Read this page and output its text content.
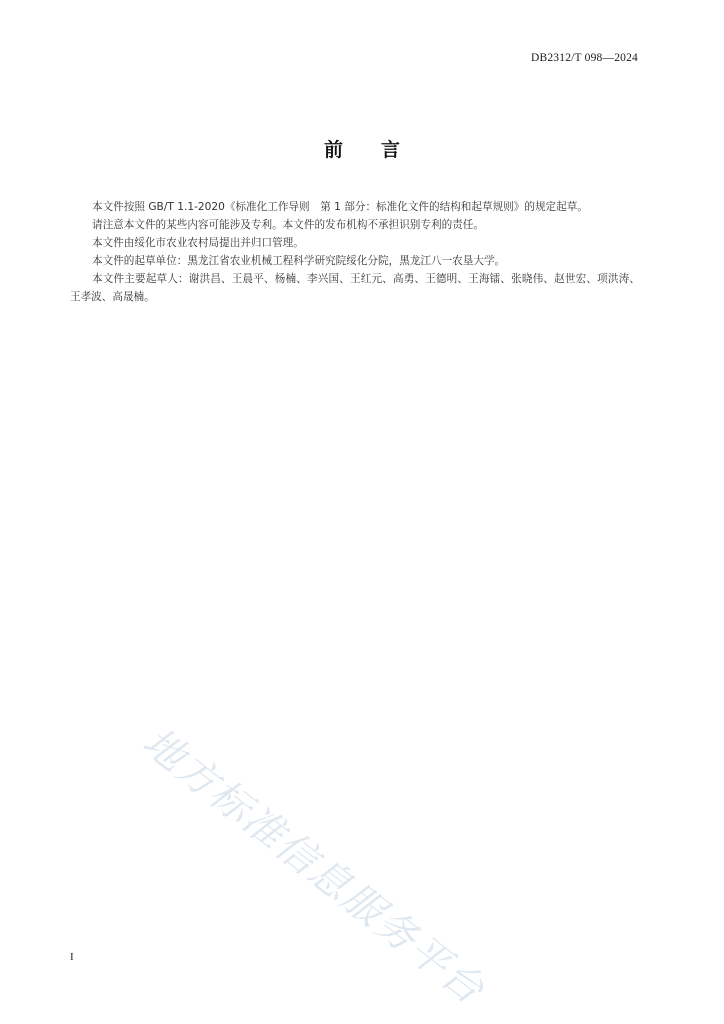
DB2312/T 098—2024
前 言

本文件按照 GB/T 1.1-2020《标准化工作导则　第 1 部分：标准化文件的结构和起草规则》的规定起草。

请注意本文件的某些内容可能涉及专利。本文件的发布机构不承担识别专利的责任。

本文件由绥化市农业农村局提出并归口管理。

本文件的起草单位：黑龙江省农业机械工程科学研究院绥化分院，黑龙江八一农垦大学。

本文件主要起草人：谢洪昌、王晨平、杨楠、李兴国、王红元、高勇、王德明、王海镭、张晓伟、赵世宏、项洪涛、王孝波、高晟楠。

地方标准信息服务平台
I
